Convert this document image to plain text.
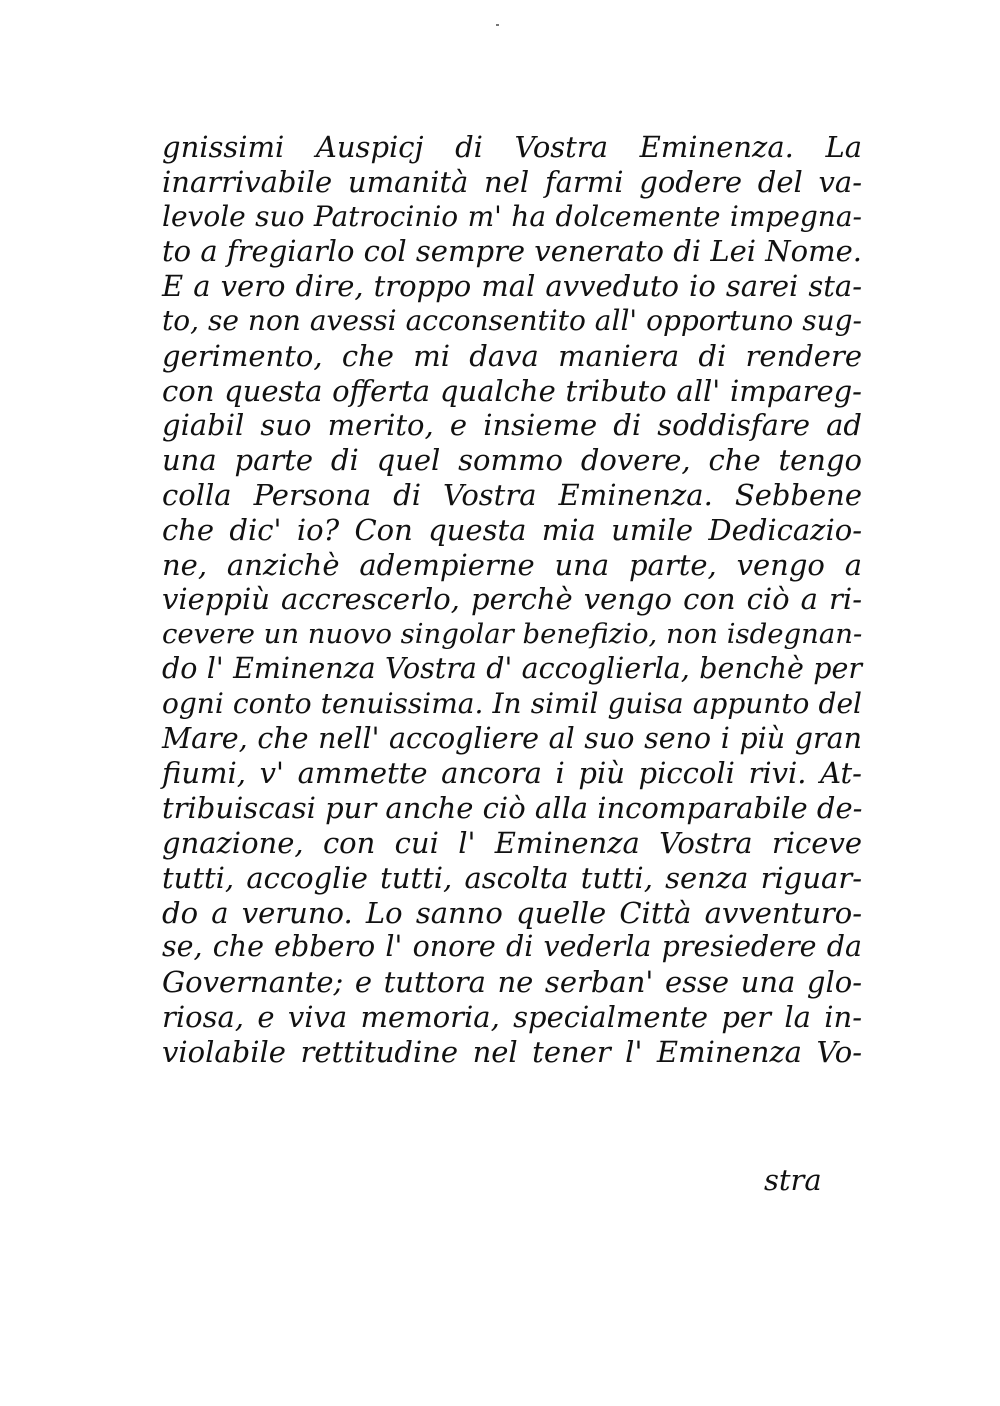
gnissimi Auspicj di Vostra Eminenza. La
inarrivabile umanità nel farmi godere del va-
levole suo Patrocinio m' ha dolcemente impegna-
to a fregiarlo col sempre venerato di Lei Nome.
E a vero dire, troppo mal avveduto io sarei sta-
to, se non avessi acconsentito all' opportuno sug-
gerimento, che mi dava maniera di rendere
con questa offerta qualche tributo all' impareg-
giabil suo merito, e insieme di soddisfare ad
una parte di quel sommo dovere, che tengo
colla Persona di Vostra Eminenza. Sebbene
che dic' io? Con questa mia umile Dedicazio-
ne, anzichè adempierne una parte, vengo a
vieppiù accrescerlo, perchè vengo con ciò a ri-
cevere un nuovo singolar benefizio, non isdegnan-
do l' Eminenza Vostra d' accoglierla, benchè per
ogni conto tenuissima. In simil guisa appunto del
Mare, che nell' accogliere al suo seno i più gran
fiumi, v' ammette ancora i più piccoli rivi. At-
tribuiscasi pur anche ciò alla incomparabile de-
gnazione, con cui l' Eminenza Vostra riceve
tutti, accoglie tutti, ascolta tutti, senza riguar-
do a veruno. Lo sanno quelle Città avventuro-
se, che ebbero l' onore di vederla presiedere da
Governante; e tuttora ne serban' esse una glo-
riosa, e viva memoria, specialmente per la in-
violabile rettitudine nel tener l' Eminenza Vo-
stra
